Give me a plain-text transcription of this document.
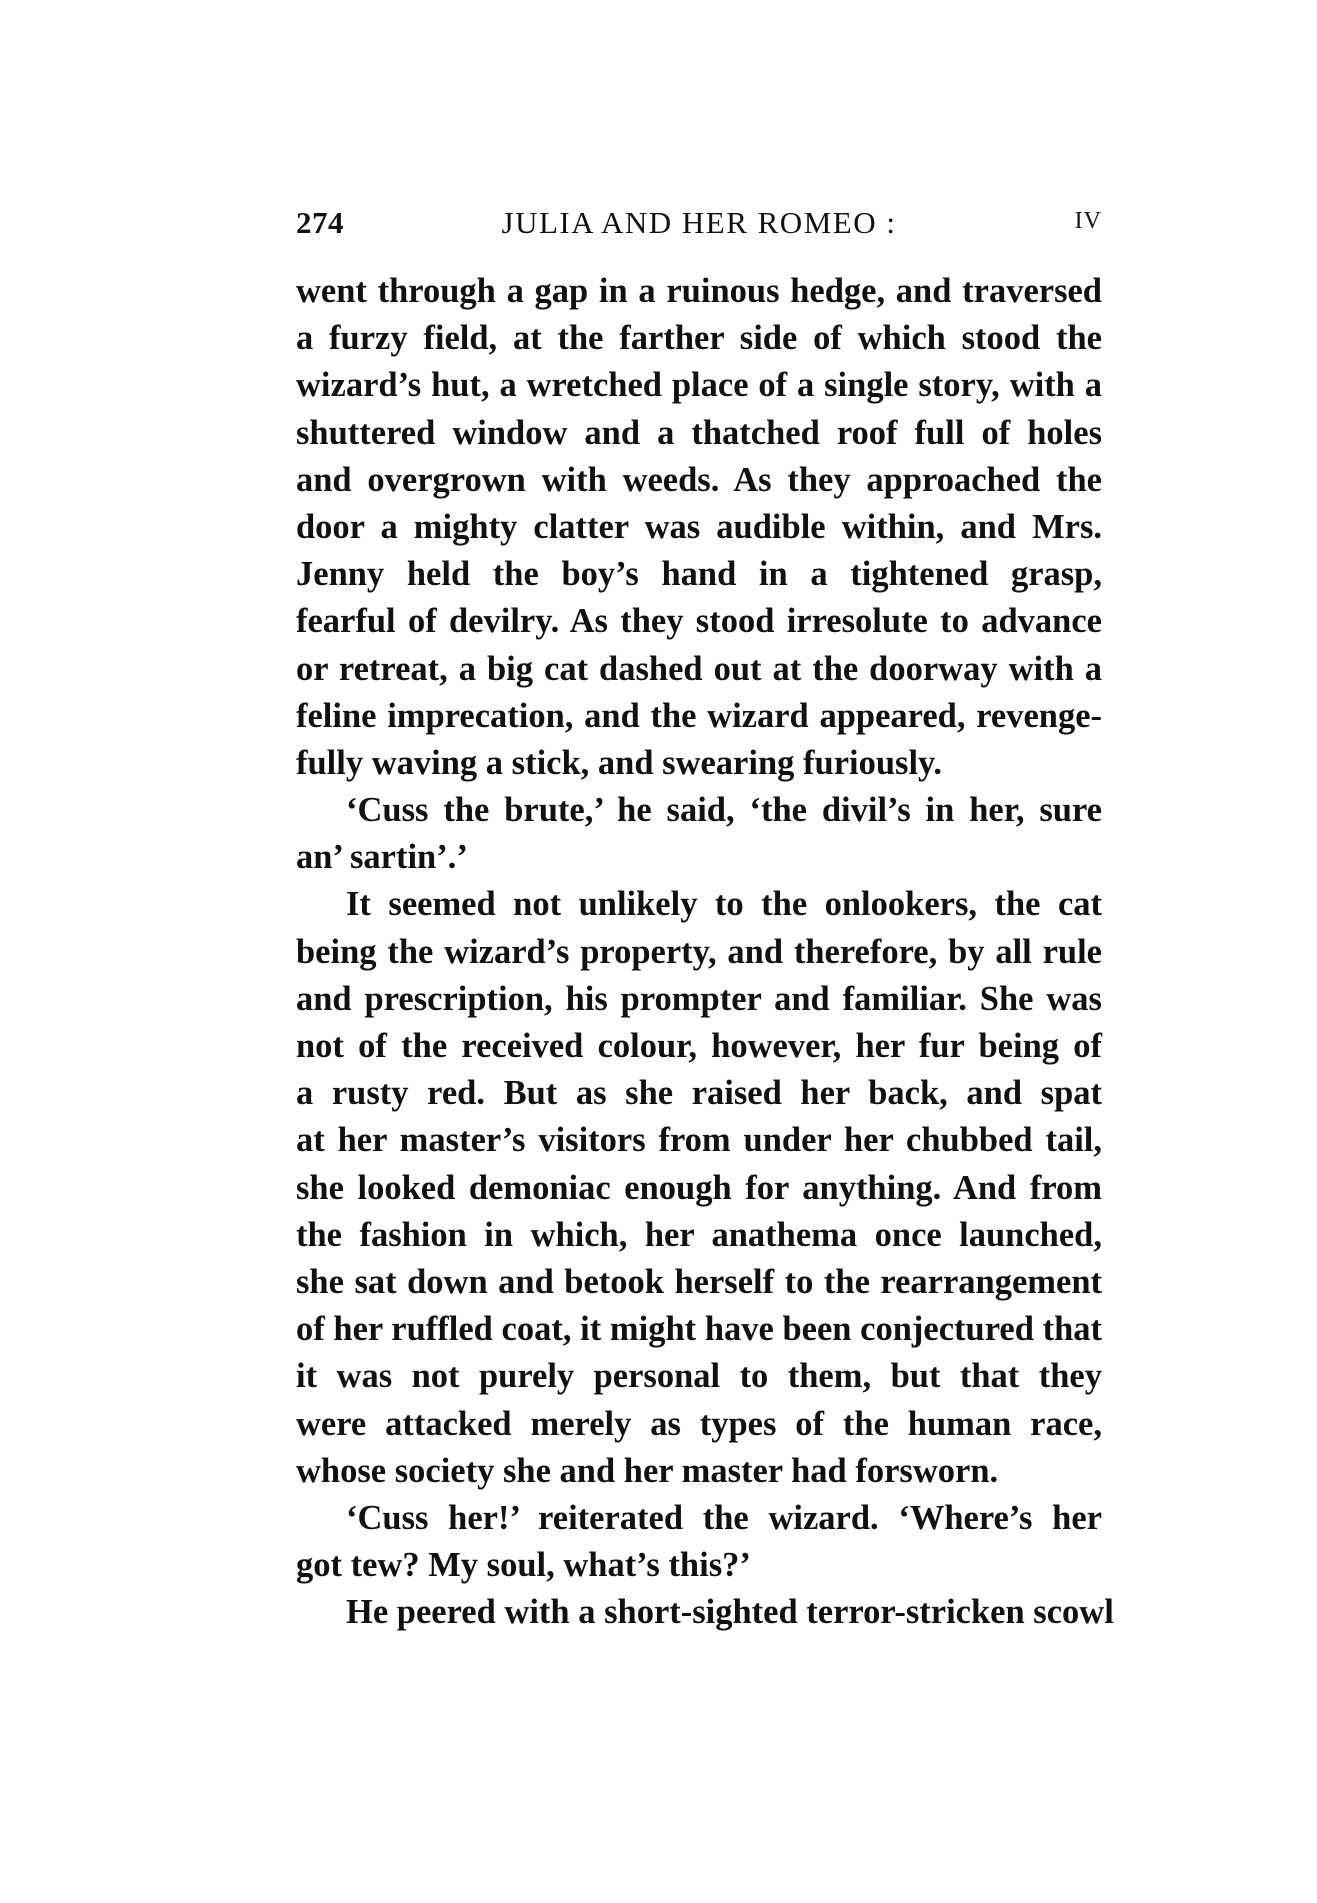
274	JULIA AND HER ROMEO :	IV
went through a gap in a ruinous hedge, and traversed
a furzy field, at the farther side of which stood the
wizard’s hut, a wretched place of a single story, with a
shuttered window and a thatched roof full of holes
and overgrown with weeds. As they approached the
door a mighty clatter was audible within, and Mrs.
Jenny held the boy’s hand in a tightened grasp,
fearful of devilry. As they stood irresolute to advance
or retreat, a big cat dashed out at the doorway with a
feline imprecation, and the wizard appeared, revenge-
fully waving a stick, and swearing furiously.
‘Cuss the brute,’ he said, ‘the divil’s in her, sure
an’ sartin’.’
It seemed not unlikely to the onlookers, the cat
being the wizard’s property, and therefore, by all rule
and prescription, his prompter and familiar. She was
not of the received colour, however, her fur being of
a rusty red. But as she raised her back, and spat
at her master’s visitors from under her chubbed tail,
she looked demoniac enough for anything. And from
the fashion in which, her anathema once launched,
she sat down and betook herself to the rearrangement
of her ruffled coat, it might have been conjectured that
it was not purely personal to them, but that they
were attacked merely as types of the human race,
whose society she and her master had forsworn.
‘Cuss her!’ reiterated the wizard. ‘Where’s her
got tew? My soul, what’s this?’
He peered with a short-sighted terror-stricken scowl
